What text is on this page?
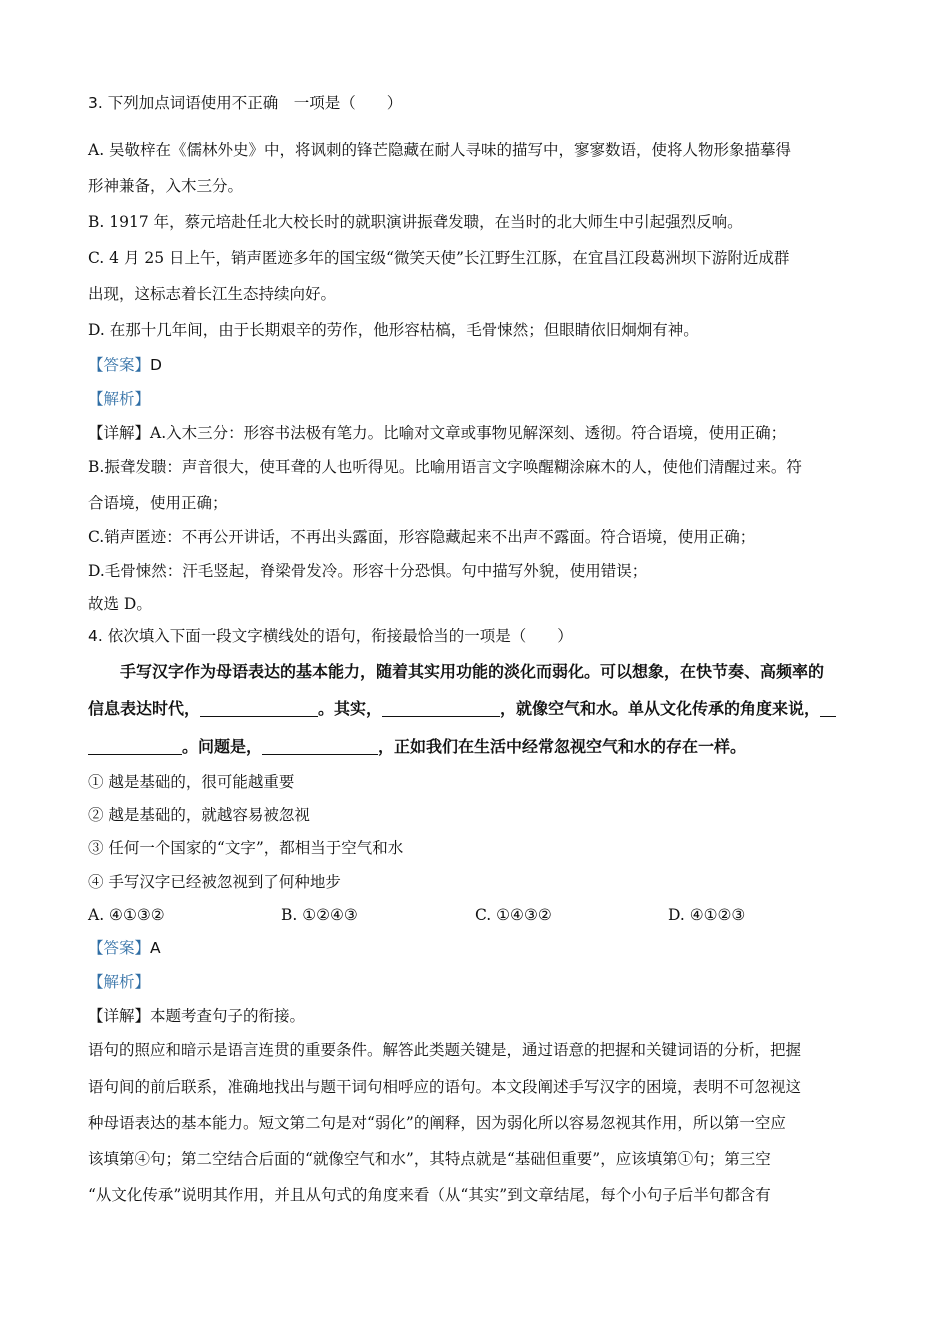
3. 下列加点词语使用不正确　一项是（　　）
A. 吴敬梓在《儒林外史》中，将讽刺的锋芒隐藏在耐人寻味的描写中，寥寥数语，使将人物形象描摹得
形神兼备，入木三分。
B. 1917 年，蔡元培赴任北大校长时的就职演讲振聋发聩，在当时的北大师生中引起强烈反响。
C. 4 月 25 日上午，销声匿迹多年的国宝级“微笑天使”长江野生江豚，在宜昌江段葛洲坝下游附近成群
出现，这标志着长江生态持续向好。
D. 在那十几年间，由于长期艰辛的劳作，他形容枯槁，毛骨悚然；但眼睛依旧炯炯有神。
【答案】D
【解析】
【详解】A.入木三分：形容书法极有笔力。比喻对文章或事物见解深刻、透彻。符合语境，使用正确；
B.振聋发聩：声音很大，使耳聋的人也听得见。比喻用语言文字唤醒糊涂麻木的人，使他们清醒过来。符
合语境，使用正确；
C.销声匿迹：不再公开讲话，不再出头露面，形容隐藏起来不出声不露面。符合语境，使用正确；
D.毛骨悚然：汗毛竖起，脊梁骨发冷。形容十分恐惧。句中描写外貌，使用错误；
故选 D。
4. 依次填入下面一段文字横线处的语句，衔接最恰当的一项是（　　）
手写汉字作为母语表达的基本能力，随着其实用功能的淡化而弱化。可以想象，在快节奏、高频率的
信息表达时代，	。其实，	，就像空气和水。单从文化传承的角度来说，
。问题是，	，正如我们在生活中经常忽视空气和水的存在一样。
① 越是基础的，很可能越重要
② 越是基础的，就越容易被忽视
③ 任何一个国家的“文字”，都相当于空气和水
④ 手写汉字已经被忽视到了何种地步
A. ④①③②	B. ①②④③	C. ①④③②	D. ④①②③
【答案】A
【解析】
【详解】本题考查句子的衔接。
语句的照应和暗示是语言连贯的重要条件。解答此类题关键是，通过语意的把握和关键词语的分析，把握
语句间的前后联系，准确地找出与题干词句相呼应的语句。本文段阐述手写汉字的困境，表明不可忽视这
种母语表达的基本能力。短文第二句是对“弱化”的阐释，因为弱化所以容易忽视其作用，所以第一空应
该填第④句；第二空结合后面的“就像空气和水”，其特点就是“基础但重要”，应该填第①句；第三空
“从文化传承”说明其作用，并且从句式的角度来看（从“其实”到文章结尾，每个小句子后半句都含有
